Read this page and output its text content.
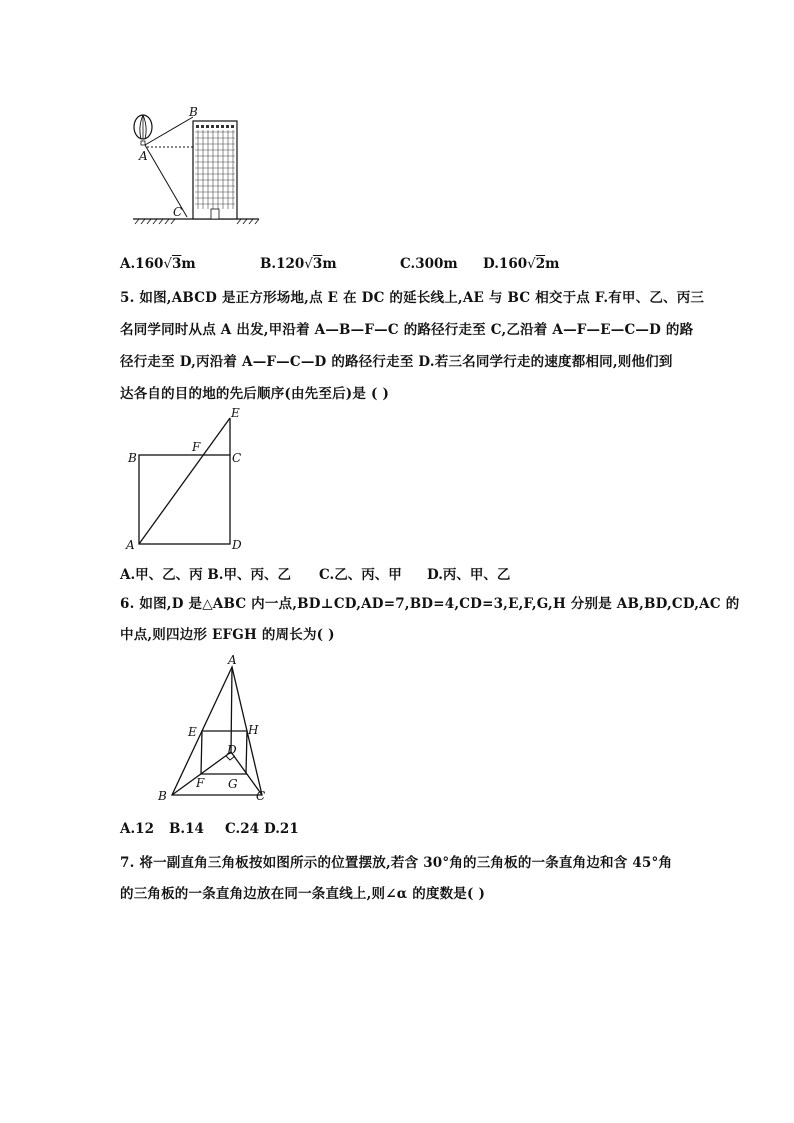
B
A
C
A.160√3m	B.120√3m	C.300m D.160√2m
5. 如图,ABCD 是正方形场地,点 E 在 DC 的延长线上,AE 与 BC 相交于点 F.有甲、乙、丙三
名同学同时从点 A 出发,甲沿着 A—B—F—C 的路径行走至 C,乙沿着 A—F—E—C—D 的路
径行走至 D,丙沿着 A—F—C—D 的路径行走至 D.若三名同学行走的速度都相同,则他们到
达各自的目的地的先后顺序(由先至后)是 ( )
E
F
B	C
A	D
A.甲、乙、丙 B.甲、丙、乙 C.乙、丙、甲 D.丙、甲、乙
6. 如图,D 是△ABC 内一点,BD⊥CD,AD=7,BD=4,CD=3,E,F,G,H 分别是 AB,BD,CD,AC 的
中点,则四边形 EFGH 的周长为( )
A
E	H
D
F G
B	C
A.12 B.14 C.24 D.21
7. 将一副直角三角板按如图所示的位置摆放,若含 30°角的三角板的一条直角边和含 45°角
的三角板的一条直角边放在同一条直线上,则∠α 的度数是( )
